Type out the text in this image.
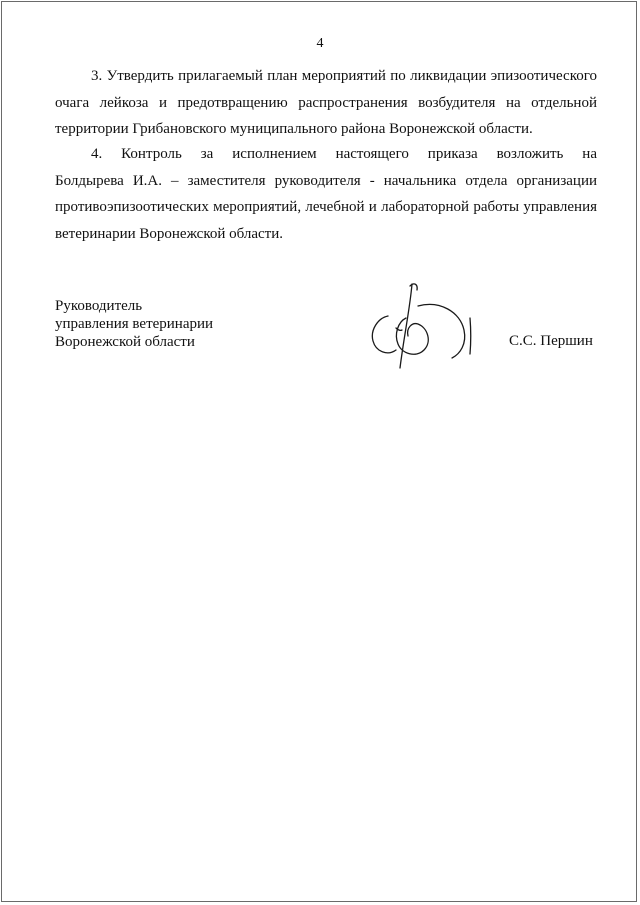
4
3. Утвердить прилагаемый план мероприятий по ликвидации эпизоотического
очага лейкоза и предотвращению распространения возбудителя на отдельной
территории Грибановского муниципального района Воронежской области.
4. Контроль за исполнением настоящего приказа возложить на
Болдырева И.А. – заместителя руководителя - начальника отдела организации
противоэпизоотических мероприятий, лечебной и лабораторной работы управления
ветеринарии Воронежской области.
Руководитель
управления ветеринарии
Воронежской области	С.С. Першин
